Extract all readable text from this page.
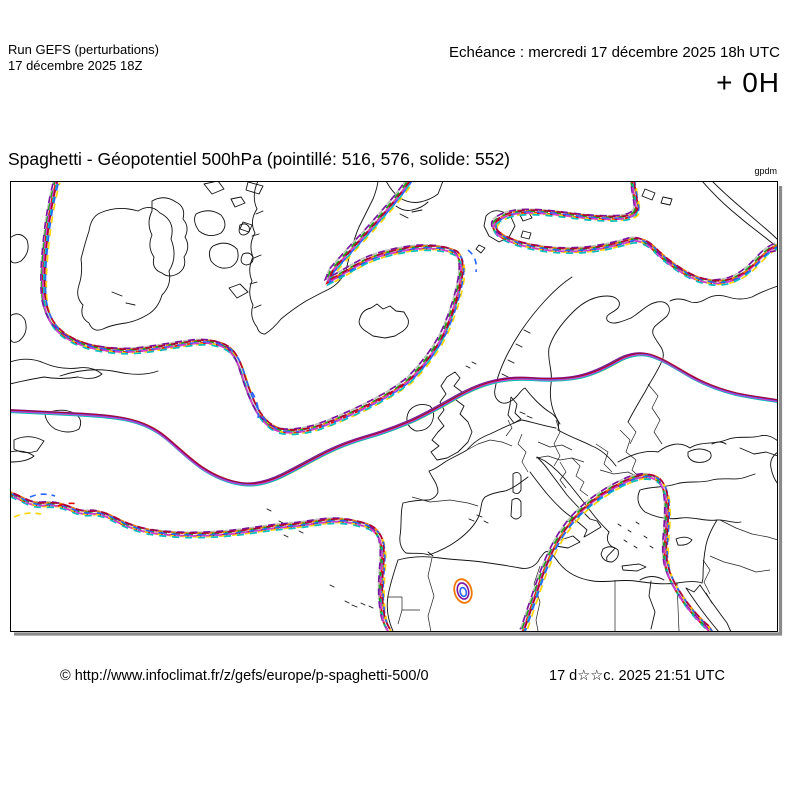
Run GEFS (perturbations)
17 décembre 2025 18Z
Echéance : mercredi 17 décembre 2025 18h UTC
+ 0H
Spaghetti - Géopotentiel 500hPa (pointillé: 516, 576, solide: 552)
gpdm
© http://www.infoclimat.fr/z/gefs/europe/p-spaghetti-500/0	17 d☆☆c. 2025 21:51 UTC
